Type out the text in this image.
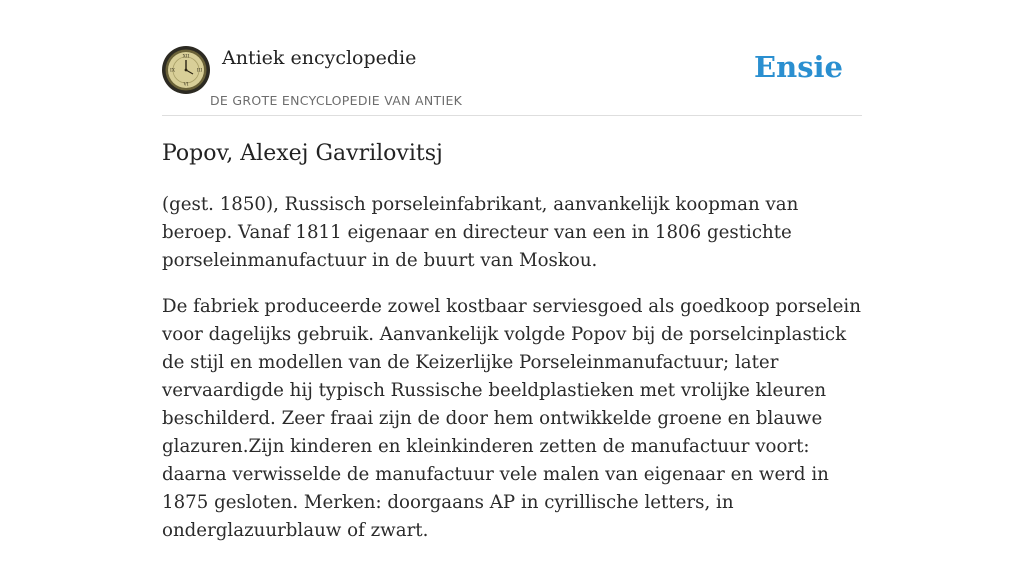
XII
III
VI
IX
Antiek encyclopedie
DE GROTE ENCYCLOPEDIE VAN ANTIEK
Ensie
Popov, Alexej Gavrilovitsj

(gest. 1850), Russisch porseleinfabrikant, aanvankelijk koopman van beroep. Vanaf 1811 eigenaar en directeur van een in 1806 gestichte porseleinmanufactuur in de buurt van Moskou.

De fabriek produceerde zowel kostbaar serviesgoed als goedkoop porselein voor dagelijks gebruik. Aanvankelijk volgde Popov bij de porselcinplastick de stijl en modellen van de Keizerlijke Porseleinmanufactuur; later vervaardigde hij typisch Russische beeldplastieken met vrolijke kleuren beschilderd. Zeer fraai zijn de door hem ontwikkelde groene en blauwe glazuren.Zijn kinderen en kleinkinderen zetten de manufactuur voort: daarna verwisselde de manufactuur vele malen van eigenaar en werd in 1875 gesloten. Merken: doorgaans AP in cyrillische letters, in onderglazuurblauw of zwart.
